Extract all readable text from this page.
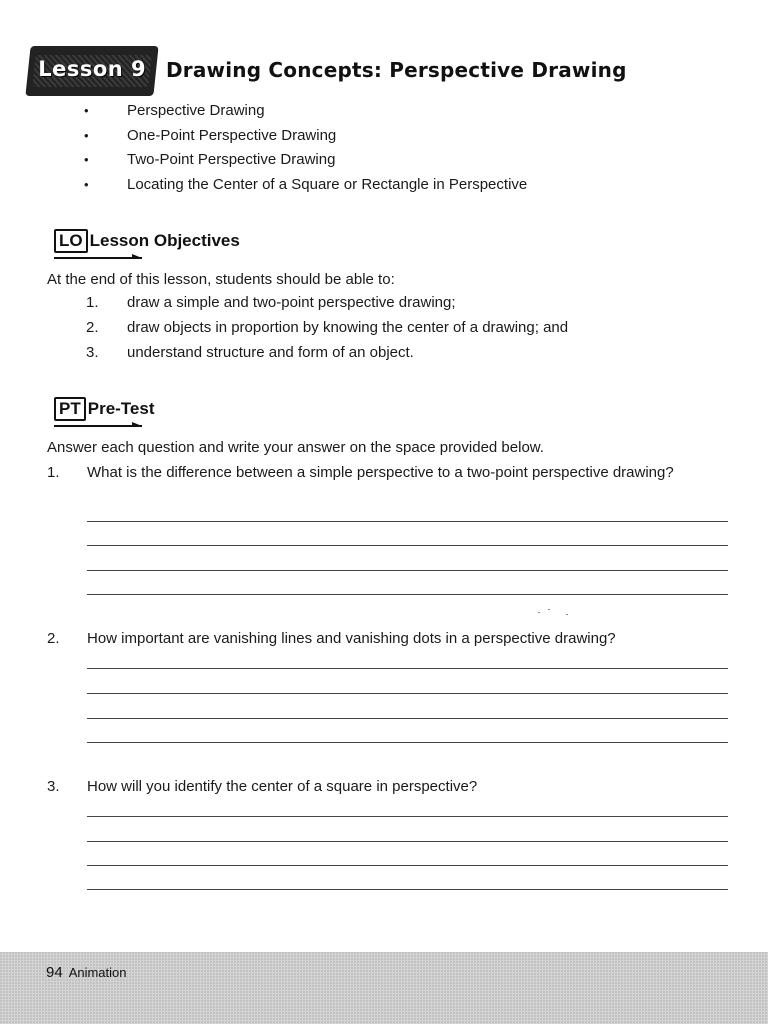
Lesson 9 Drawing Concepts: Perspective Drawing
•	Perspective Drawing
•	One-Point Perspective Drawing
•	Two-Point Perspective Drawing
•	Locating the Center of a Square or Rectangle in Perspective
LO Lesson Objectives
At the end of this lesson, students should be able to:
1. draw a simple and two-point perspective drawing;
2. draw objects in proportion by knowing the center of a drawing; and
3. understand structure and form of an object.
PT Pre-Test
Answer each question and write your answer on the space provided below.
1. What is the difference between a simple perspective to a two-point perspective drawing?
2. How important are vanishing lines and vanishing dots in a perspective drawing?
3. How will you identify the center of a square in perspective?
94 Animation
